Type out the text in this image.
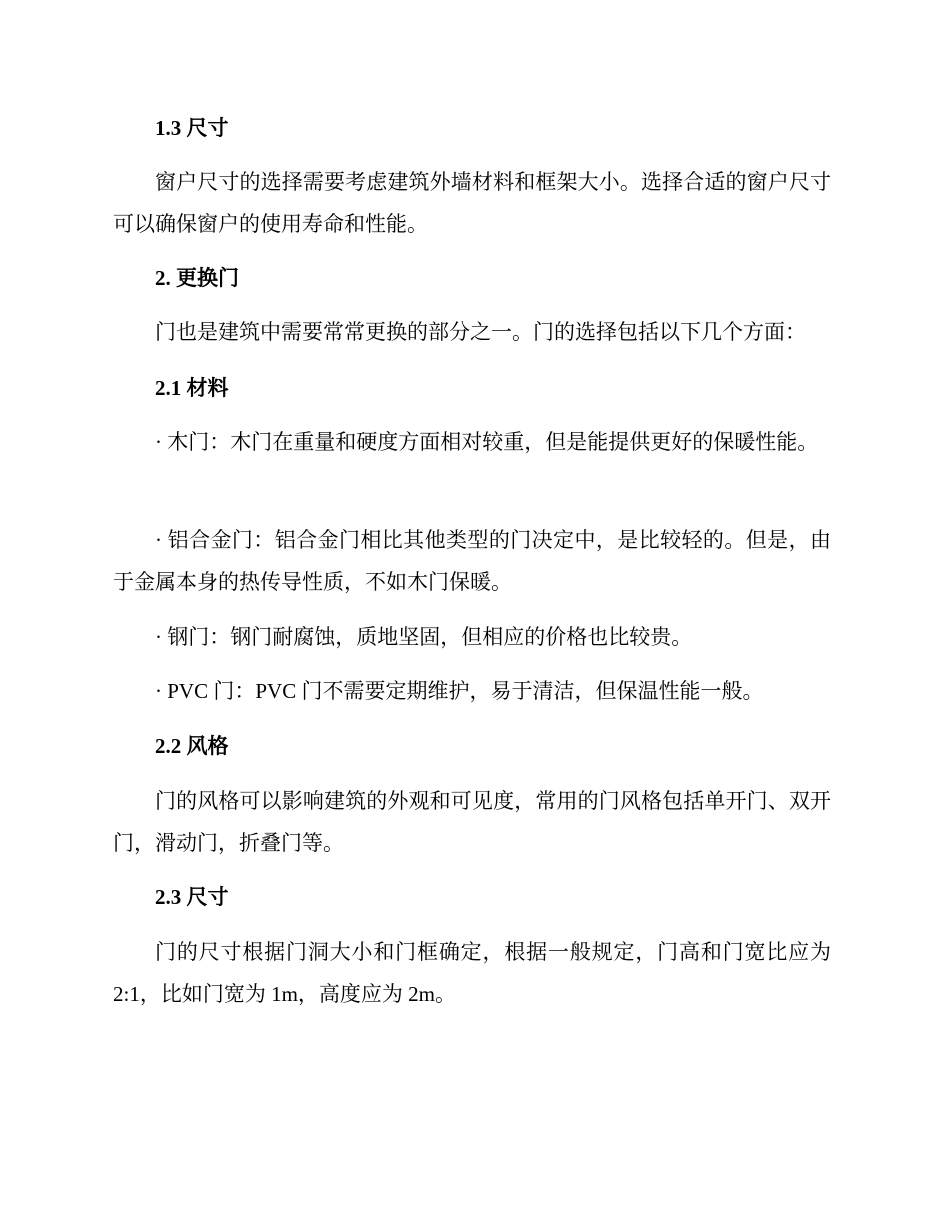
1.3 尺寸
窗户尺寸的选择需要考虑建筑外墙材料和框架大小。选择合适的窗户尺寸可以确保窗户的使用寿命和性能。
2. 更换门
门也是建筑中需要常常更换的部分之一。门的选择包括以下几个方面：
2.1 材料
· 木门：木门在重量和硬度方面相对较重，但是能提供更好的保暖性能。
· 铝合金门：铝合金门相比其他类型的门决定中，是比较轻的。但是，由于金属本身的热传导性质，不如木门保暖。
· 钢门：钢门耐腐蚀，质地坚固，但相应的价格也比较贵。
· PVC 门：PVC 门不需要定期维护，易于清洁，但保温性能一般。
2.2 风格
门的风格可以影响建筑的外观和可见度，常用的门风格包括单开门、双开门，滑动门，折叠门等。
2.3 尺寸
门的尺寸根据门洞大小和门框确定，根据一般规定，门高和门宽比应为 2:1，比如门宽为 1m，高度应为 2m。
